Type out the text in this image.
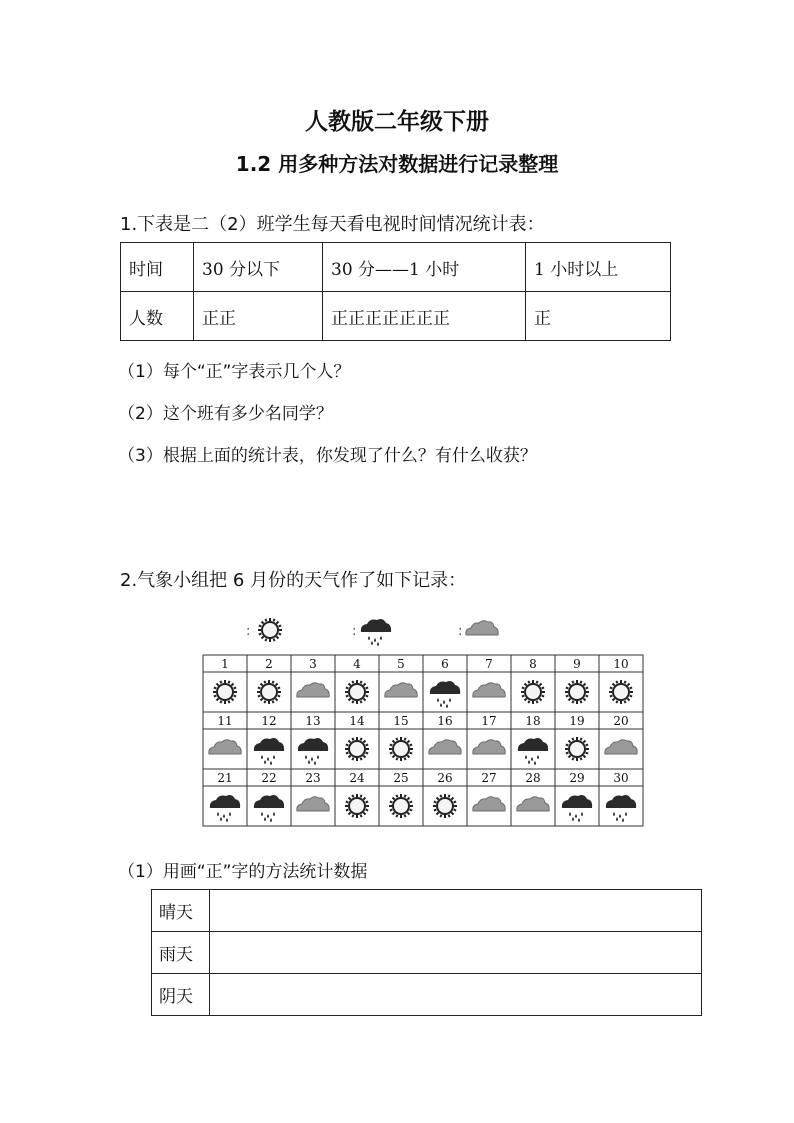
人教版二年级下册
1.2 用多种方法对数据进行记录整理
1.下表是二（2）班学生每天看电视时间情况统计表：
时间	30 分以下	30 分——1 小时	1 小时以上
人数	正正	正正正正正正正	正
（1）每个“正”字表示几个人？
（2）这个班有多少名同学？
（3）根据上面的统计表，你发现了什么？有什么收获？
2.气象小组把 6 月份的天气作了如下记录：
:	:	:
1	2	3	4	5	6	7	8	9	10
11 12 13 14 15 16 17 18 19 20
21 22 23 24 25 26 27 28 29 30
（1）用画“正”字的方法统计数据
晴天	
雨天	
阴天	
